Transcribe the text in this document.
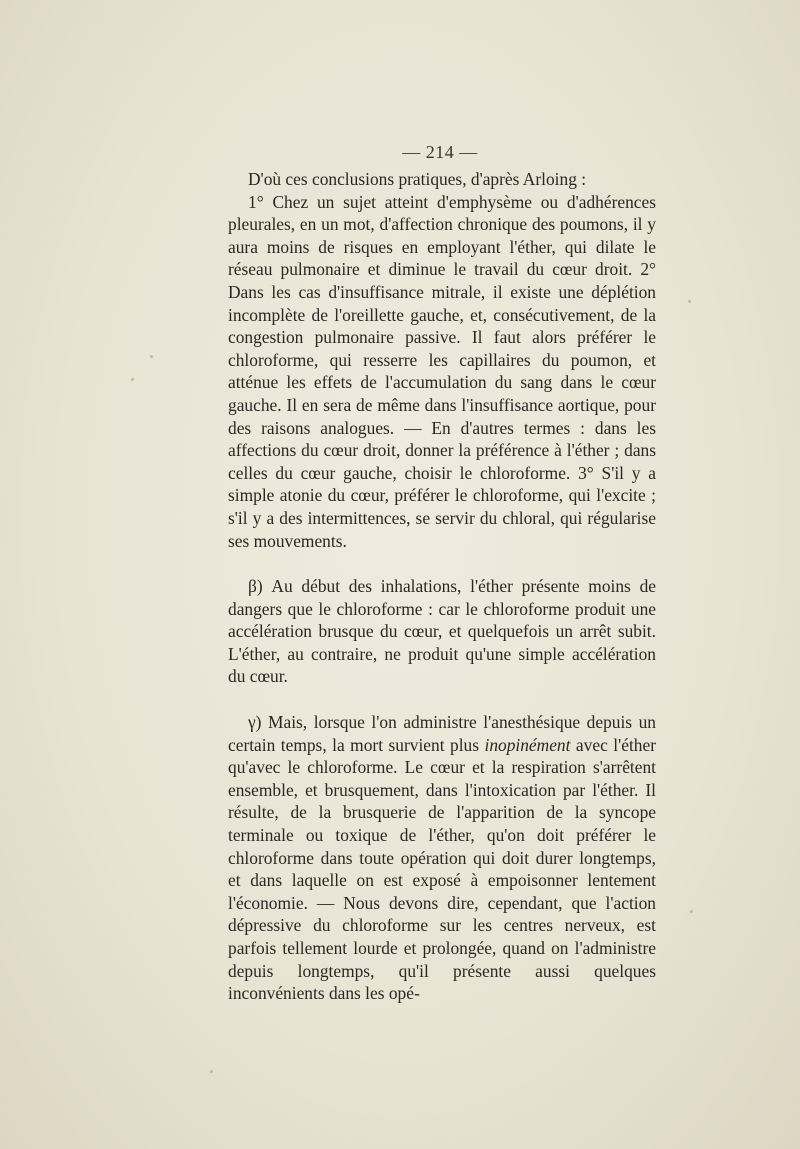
— 214 —

D'où ces conclusions pratiques, d'après Arloing :

1° Chez un sujet atteint d'emphysème ou d'adhérences pleurales, en un mot, d'affection chronique des poumons, il y aura moins de risques en employant l'éther, qui dilate le réseau pulmonaire et diminue le travail du cœur droit. 2° Dans les cas d'insuffisance mitrale, il existe une déplétion incomplète de l'oreillette gauche, et, consécutivement, de la congestion pulmonaire passive. Il faut alors préférer le chloroforme, qui resserre les capillaires du poumon, et atténue les effets de l'accumulation du sang dans le cœur gauche. Il en sera de même dans l'insuffisance aortique, pour des raisons analogues. — En d'autres termes : dans les affections du cœur droit, donner la préférence à l'éther ; dans celles du cœur gauche, choisir le chloroforme. 3° S'il y a simple atonie du cœur, préférer le chloroforme, qui l'excite ; s'il y a des intermittences, se servir du chloral, qui régularise ses mouvements.

β) Au début des inhalations, l'éther présente moins de dangers que le chloroforme : car le chloroforme produit une accélération brusque du cœur, et quelquefois un arrêt subit. L'éther, au contraire, ne produit qu'une simple accélération du cœur.

γ) Mais, lorsque l'on administre l'anesthésique depuis un certain temps, la mort survient plus inopinément avec l'éther qu'avec le chloroforme. Le cœur et la respiration s'arrêtent ensemble, et brusquement, dans l'intoxication par l'éther. Il résulte, de la brusquerie de l'apparition de la syncope terminale ou toxique de l'éther, qu'on doit préférer le chloroforme dans toute opération qui doit durer longtemps, et dans laquelle on est exposé à empoisonner lentement l'économie. — Nous devons dire, cependant, que l'action dépressive du chloroforme sur les centres nerveux, est parfois tellement lourde et prolongée, quand on l'administre depuis longtemps, qu'il présente aussi quelques inconvénients dans les opé-
